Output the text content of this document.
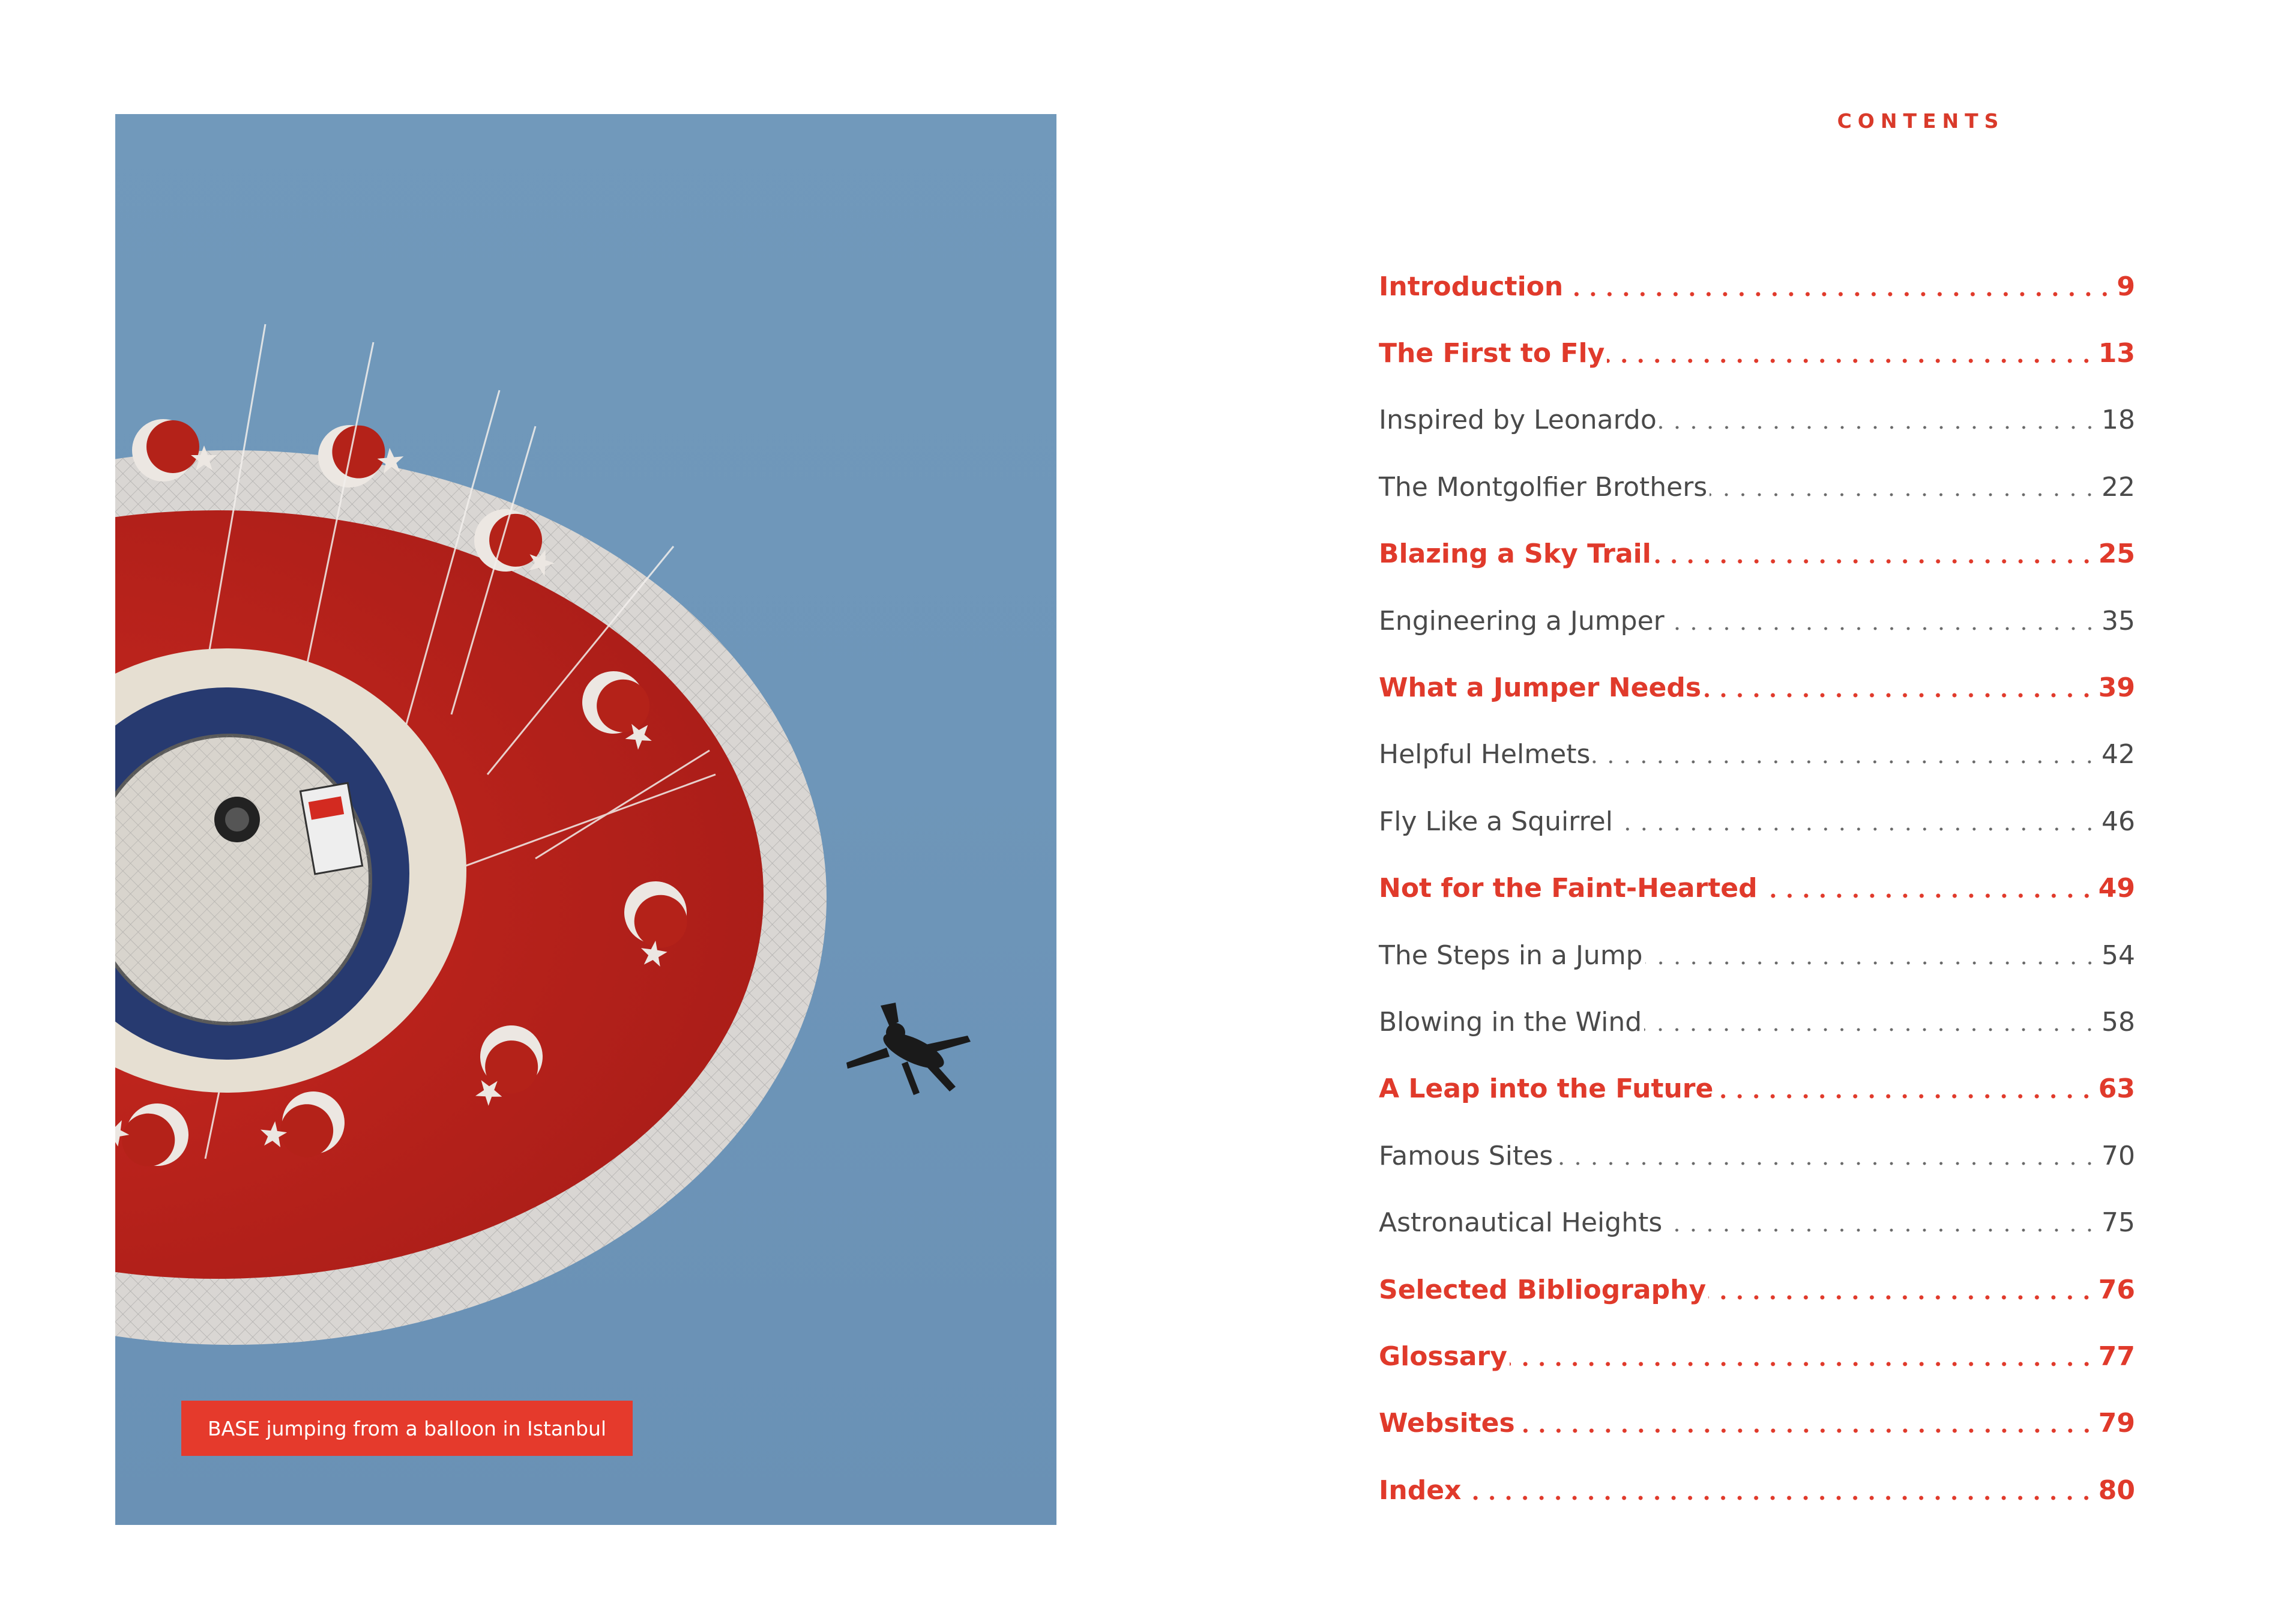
BASE jumping from a balloon in Istanbul
CONTENTS
Introduction	9
The First to Fly	13
Inspired by Leonardo	18
The Montgolfier Brothers	22
Blazing a Sky Trail	25
Engineering a Jumper	35
What a Jumper Needs	39
Helpful Helmets	42
Fly Like a Squirrel	46
Not for the Faint-Hearted	49
The Steps in a Jump	54
Blowing in the Wind	58
A Leap into the Future	63
Famous Sites	70
Astronautical Heights	75
Selected Bibliography	76
Glossary	77
Websites	79
Index	80
